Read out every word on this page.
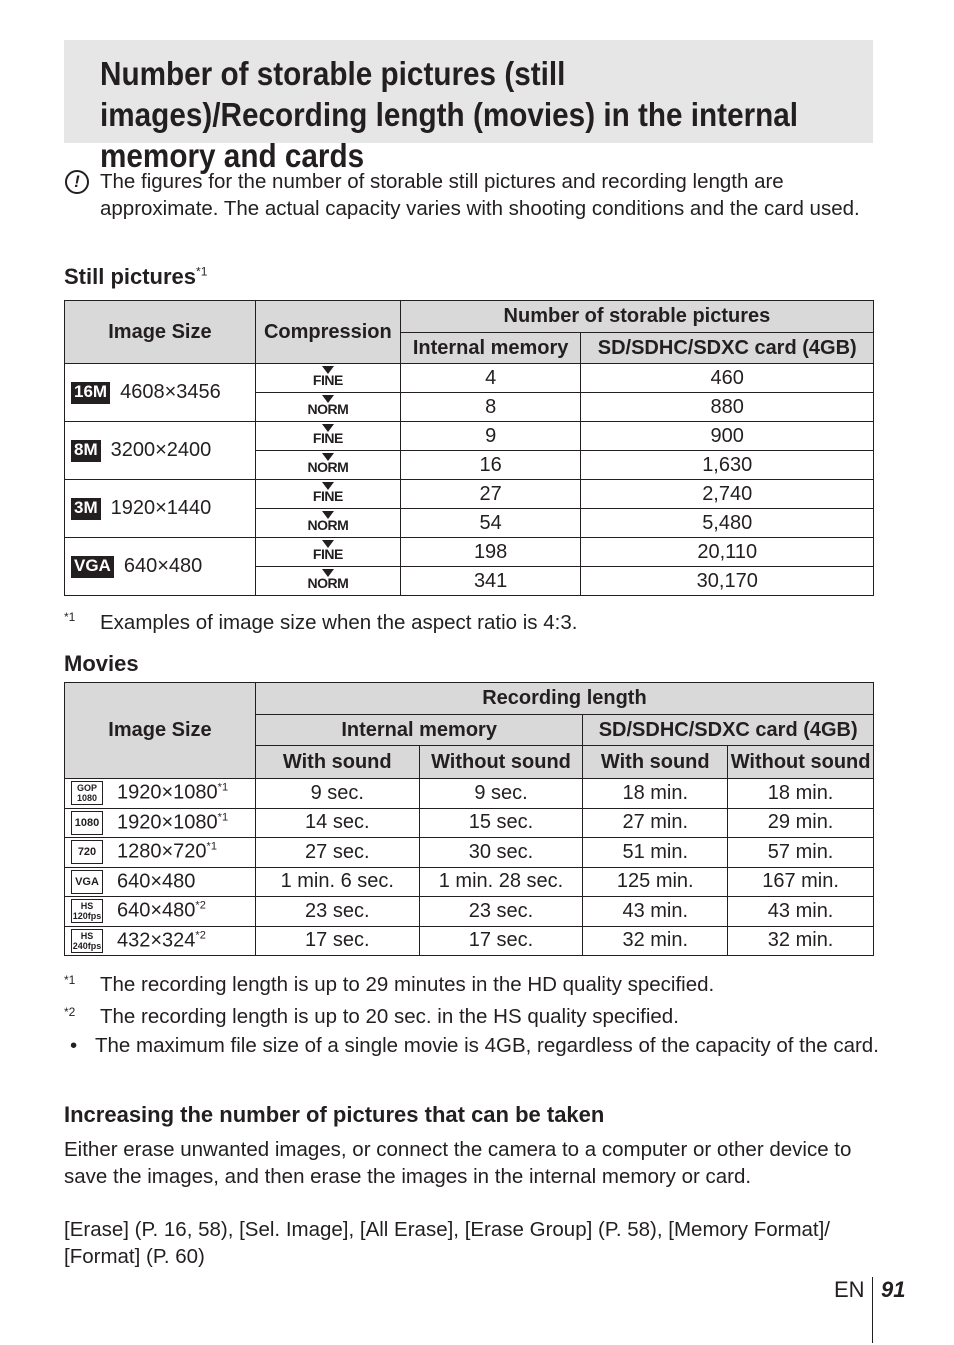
Number of storable pictures (still images)/Recording length (movies) in the internal memory and cards
! The figures for the number of storable still pictures and recording length are approximate. The actual capacity varies with shooting conditions and the card used.
Still pictures$^{*1}$
Image Size	Compression	Number of storable pictures	
		Internal memory	SD/SDHC/SDXC card (4GB)
16M 4608×3456	FINE	4	460
	NORM	8	880
8M 3200×2400	FINE	9	900
	NORM	16	1,630
3M 1920×1440	FINE	27	2,740
	NORM	54	5,480
VGA 640×480	FINE	198	20,110
	NORM	341	30,170
*1 Examples of image size when the aspect ratio is 4:3.
Movies
Image Size	Recording length			
	Internal memory		SD/SDHC/SDXC card (4GB)	
	With sound	Without sound	With sound	Without sound

GOP
1080 1920×1080$^{*1}$	9 sec.	9 sec.	18 min.	18 min.

1080 1920×1080$^{*1}$	14 sec.	15 sec.	27 min.	29 min.

720 1280×720$^{*1}$	27 sec.	30 sec.	51 min.	57 min.

VGA 640×480	1 min. 6 sec.	1 min. 28 sec.	125 min.	167 min.

HS
120fps 640×480$^{*2}$	23 sec.	23 sec.	43 min.	43 min.

HS
240fps 432×324$^{*2}$	17 sec.	17 sec.	32 min.	32 min.
*1 The recording length is up to 29 minutes in the HD quality specified.
*2 The recording length is up to 20 sec. in the HS quality specified.
• The maximum file size of a single movie is 4GB, regardless of the capacity of the card.
Increasing the number of pictures that can be taken
Either erase unwanted images, or connect the camera to a computer or other device to save the images, and then erase the images in the internal memory or card.
[Erase] (P. 16, 58), [Sel. Image], [All Erase], [Erase Group] (P. 58), [Memory Format]/ [Format] (P. 60)
EN 91
